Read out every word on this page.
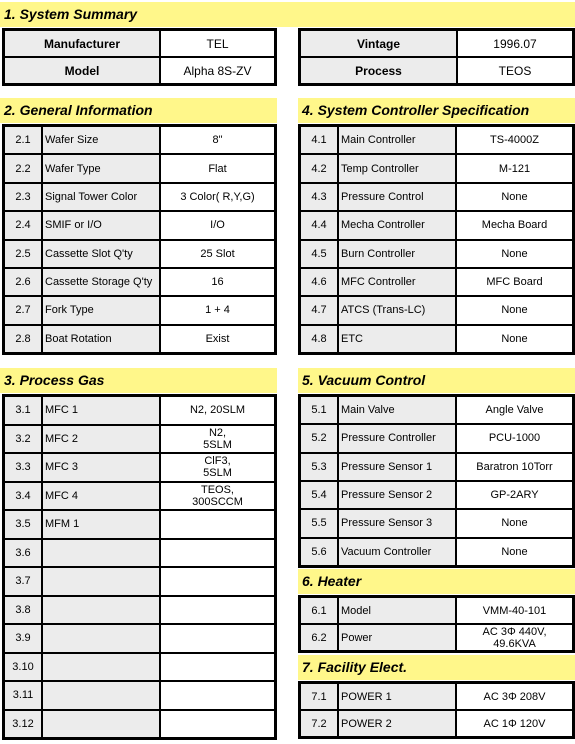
1. System Summary
Manufacturer	TEL
Model	Alpha 8S-ZV
Vintage	1996.07
Process	TEOS
2. General Information
2.1	Wafer Size	8"
2.2	Wafer Type	Flat
2.3	Signal Tower Color	3 Color( R,Y,G)
2.4	SMIF or I/O	I/O
2.5	Cassette Slot Q'ty	25 Slot
2.6	Cassette Storage Q'ty	16
2.7	Fork Type	1 + 4
2.8	Boat Rotation	Exist
4. System Controller Specification
4.1	Main Controller	TS-4000Z
4.2	Temp Controller	M-121
4.3	Pressure Control	None
4.4	Mecha Controller	Mecha Board
4.5	Burn Controller	None
4.6	MFC Controller	MFC Board
4.7	ATCS (Trans-LC)	None
4.8	ETC	None
3. Process Gas
3.1	MFC 1	N2, 20SLM
3.2	MFC 2	N2,
5SLM
3.3	MFC 3	ClF3,
5SLM
3.4	MFC 4	TEOS,
300SCCM
3.5	MFM 1
3.6
3.7
3.8
3.9
3.10
3.11
3.12
5. Vacuum Control
5.1	Main Valve	Angle Valve
5.2	Pressure Controller	PCU-1000
5.3	Pressure Sensor 1	Baratron 10Torr
5.4	Pressure Sensor 2	GP-2ARY
5.5	Pressure Sensor 3	None
5.6	Vacuum Controller	None
6. Heater
6.1	Model	VMM-40-101
6.2	Power	AC 3Φ 440V,
49.6KVA
7. Facility Elect.
7.1	POWER 1	AC 3Φ 208V
7.2	POWER 2	AC 1Φ 120V
